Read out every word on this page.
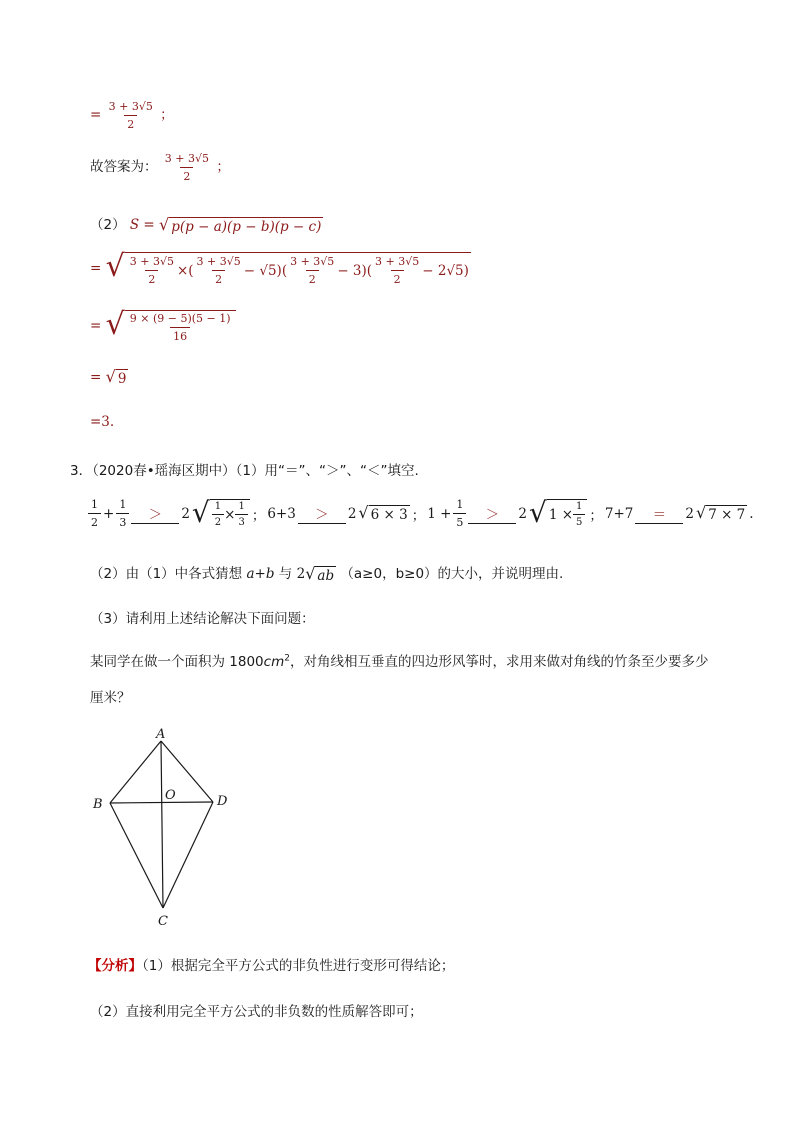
= $\frac{3 + 3√5}{2}$ ；
故答案为： $\frac{3 + 3√5}{2}$ ；
（2） S = √ p(p − a)(p − b)(p − c)
= √ $\frac{3 + 3√5}{2}$ × ( $\frac{3 + 3√5}{2} - √5)( \frac{3 + 3√5}{2} - 3)( \frac{3 + 3√5}{2} - 2√5)$
= √ $\frac{9 \times (9 - 5)(5 - 1)}{16}$
= √ 9
=3.
3．（2020春•瑶海区期中）（1）用“＝”、“＞”、“＜”填空.
$\frac{1}{2} + \frac{1}{3}$	＞	2 √ $\frac{1}{2} \times \frac{1}{3}$ ； 6+3	＞	2 √ 6 × 3 ； $1 + \frac{1}{5}$	＞	2 √ $1 \times \frac{1}{5}$ ； 7+7	＝	2 √ 7 × 7 .
（2）由（1）中各式猜想 a+b 与 2 √ ab （a≥0，b≥0）的大小，并说明理由.
（3）请利用上述结论解决下面问题：
某同学在做一个面积为 $1800cm^2$，对角线相互垂直的四边形风筝时，求用来做对角线的竹条至少要多少
厘米？
A
B	D
O
C
【分析】（1）根据完全平方公式的非负性进行变形可得结论；
（2）直接利用完全平方公式的非负数的性质解答即可；
